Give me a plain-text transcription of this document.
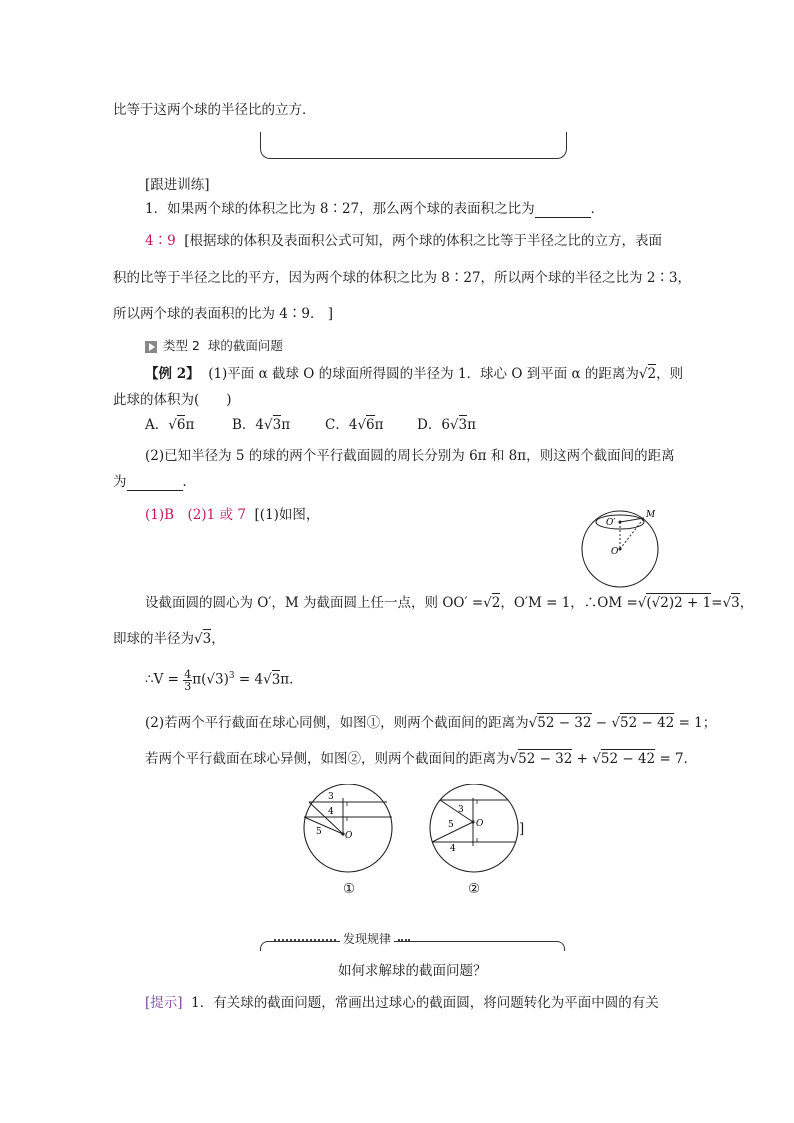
比等于这两个球的半径比的立方．
[跟进训练]
1．如果两个球的体积之比为 8∶27，那么两个球的表面积之比为	．
4∶9 [根据球的体积及表面积公式可知，两个球的体积之比等于半径之比的立方，表面
积的比等于半径之比的平方，因为两个球的体积之比为 8∶27，所以两个球的半径之比为 2∶3，
所以两个球的表面积的比为 4∶9． ]
类型 2 球的截面问题
【例 2】 (1)平面 α 截球 O 的球面所得圆的半径为 1．球心 O 到平面 α 的距离为√2，则
此球的体积为(　　)
A．√6π	B．4√3π	C．4√6π D．6√3π
(2)已知半径为 5 的球的两个平行截面圆的周长分别为 6π 和 8π，则这两个截面间的距离
为	．
(1)B　(2)1 或 7 [(1)如图，	O′
M
O
设截面圆的圆心为 O′，M 为截面圆上任一点，则 OO′ =√2，O′M = 1，∴OM =√(√2)2 + 1=√3，
即球的半径为√3，
∴V = $\frac{4}{3} \pi(√3)^3 = 4√3\pi$．
(2)若两个平行截面在球心同侧，如图①，则两个截面间的距离为√52 − 32 − √52 − 42 = 1；
若两个平行截面在球心异侧，如图②，则两个截面间的距离为√52 − 32 + √52 − 42 = 7．
3
4
5	O
①
3
4
5 O
②
]
发现规律
如何求解球的截面问题？
[提示] 1．有关球的截面问题，常画出过球心的截面圆，将问题转化为平面中圆的有关
